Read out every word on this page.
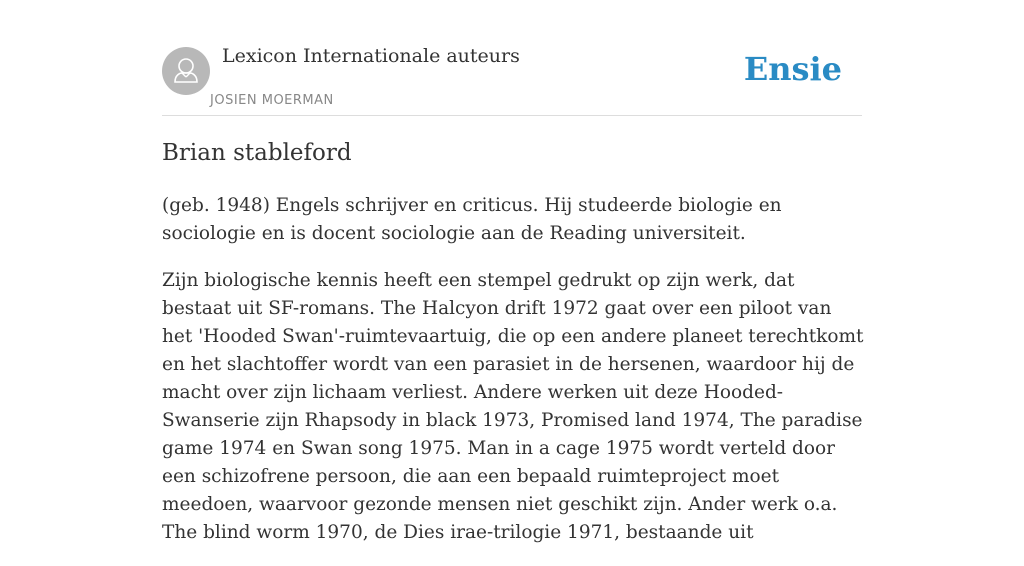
Lexicon Internationale auteurs
JOSIEN MOERMAN
Ensie
Brian stableford

(geb. 1948) Engels schrijver en criticus. Hij studeerde biologie en sociologie en is docent sociologie aan de Reading universiteit.

Zijn biologische kennis heeft een stempel gedrukt op zijn werk, dat bestaat uit SF-romans. The Halcyon drift 1972 gaat over een piloot van het 'Hooded Swan'-ruimtevaartuig, die op een andere planeet terechtkomt en het slachtoffer wordt van een parasiet in de hersenen, waardoor hij de macht over zijn lichaam verliest. Andere werken uit deze Hooded-Swanserie zijn Rhapsody in black 1973, Promised land 1974, The paradise game 1974 en Swan song 1975. Man in a cage 1975 wordt verteld door een schizofrene persoon, die aan een bepaald ruimteproject moet meedoen, waarvoor gezonde mensen niet geschikt zijn. Ander werk o.a. The blind worm 1970, de Dies irae-trilogie 1971, bestaande uit
